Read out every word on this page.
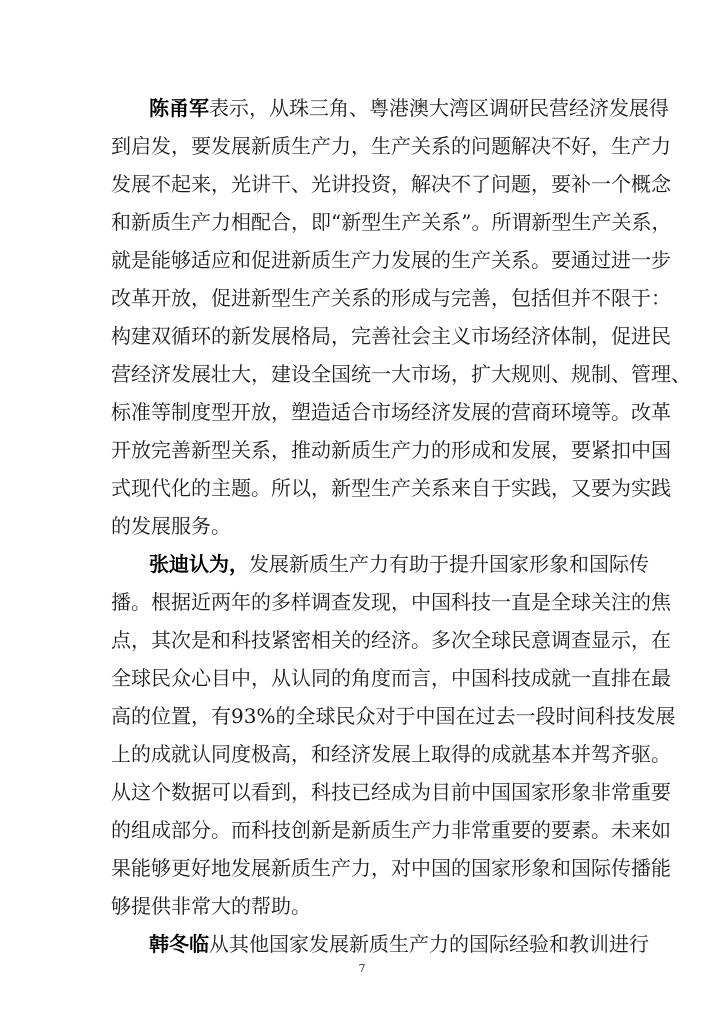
陈甬军表示，从珠三角、粤港澳大湾区调研民营经济发展得
到启发，要发展新质生产力，生产关系的问题解决不好，生产力
发展不起来，光讲干、光讲投资，解决不了问题，要补一个概念
和新质生产力相配合，即“新型生产关系”。所谓新型生产关系，
就是能够适应和促进新质生产力发展的生产关系。要通过进一步
改革开放，促进新型生产关系的形成与完善，包括但并不限于：
构建双循环的新发展格局，完善社会主义市场经济体制，促进民
营经济发展壮大，建设全国统一大市场，扩大规则、规制、管理、
标准等制度型开放，塑造适合市场经济发展的营商环境等。改革
开放完善新型关系，推动新质生产力的形成和发展，要紧扣中国
式现代化的主题。所以，新型生产关系来自于实践，又要为实践
的发展服务。
张迪认为，发展新质生产力有助于提升国家形象和国际传
播。根据近两年的多样调查发现，中国科技一直是全球关注的焦
点，其次是和科技紧密相关的经济。多次全球民意调查显示，在
全球民众心目中，从认同的角度而言，中国科技成就一直排在最
高的位置，有93%的全球民众对于中国在过去一段时间科技发展
上的成就认同度极高，和经济发展上取得的成就基本并驾齐驱。
从这个数据可以看到，科技已经成为目前中国国家形象非常重要
的组成部分。而科技创新是新质生产力非常重要的要素。未来如
果能够更好地发展新质生产力，对中国的国家形象和国际传播能
够提供非常大的帮助。
韩冬临从其他国家发展新质生产力的国际经验和教训进行
7
